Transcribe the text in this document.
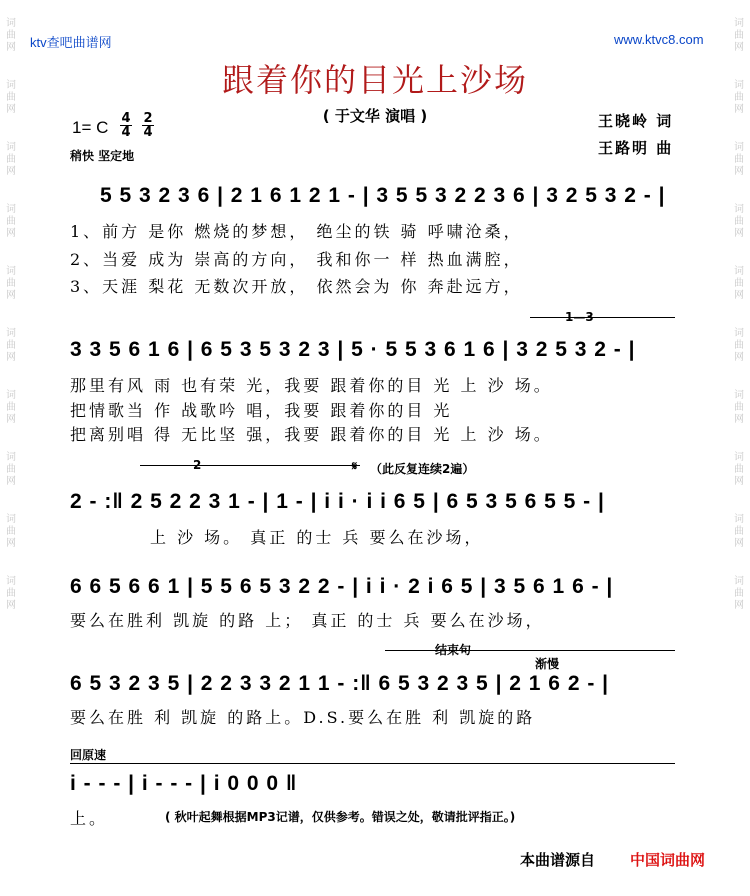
词
曲
网
词
曲
网
词
曲
网
词
曲
网
词
曲
网
词
曲
网
词
曲
网
词
曲
网
词
曲
网
词
曲
网
词
曲
网
词
曲
网
词
曲
网
词
曲
网
词
曲
网
词
曲
网
词
曲
网
词
曲
网
词
曲
网
词
曲
网
ktv查吧曲谱网	www.ktvc8.com
跟着你的目光上沙场
( 于文华 演唱 )	王晓岭 词
王路明 曲
1= C 4
4
2
4
稍快 坚定地
5 5 3 2 3 6 | 2 1 6 1 2 1 - | 3 5 5 3 2 2 3 6 | 3 2 5 3 2 - |
1、前方 是你 燃烧的梦想， 绝尘的铁 骑 呼啸沧桑，
2、当爱 成为 崇高的方向， 我和你一 样 热血满腔，
3、天涯 梨花 无数次开放， 依然会为 你 奔赴远方，
1—3
3 3 5 6 1 6 | 6 5 3 5 3 2 3 | 5 · 5 5 3 6 1 6 | 3 2 5 3 2 - |
那里有风 雨 也有荣 光，我要 跟着你的目 光 上 沙 场。
把情歌当 作 战歌吟 唱，我要 跟着你的目 光
把离别唱 得 无比坚 强，我要 跟着你的目 光 上 沙 场。
2	𝄋 （此反复连续2遍）
2 - :‖ 2 5 2 2 3 1 - | 1 - | i i · i i 6 5 | 6 5 3 5 6 5 5 - |
上 沙 场。 真正 的士 兵 要么在沙场，
6 6 5 6 6 1 | 5 5 6 5 3 2 2 - | i i · 2 i 6 5 | 3 5 6 1 6 - |
要么在胜利 凯旋 的路 上； 真正 的士 兵 要么在沙场，
结束句
渐慢
6 5 3 2 3 5 | 2 2 3 3 2 1 1 - :‖ 6 5 3 2 3 5 | 2 1 6 2 - |
要么在胜 利 凯旋 的路上。D.S.要么在胜 利 凯旋的路
回原速
i - - - | i - - - | i 0 0 0 ‖
上。	( 秋叶起舞根据MP3记谱，仅供参考。错误之处，敬请批评指正。)
本曲谱源自 中国词曲网
